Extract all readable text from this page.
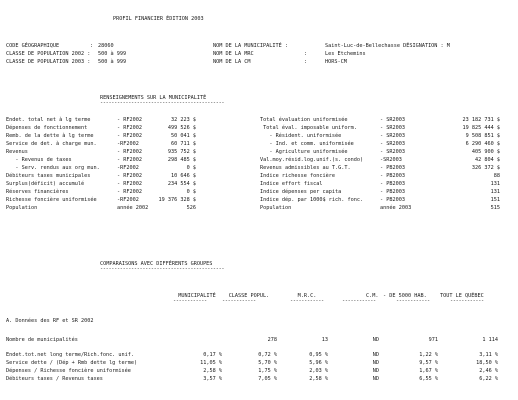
PROFIL FINANCIER ÉDITION 2003
CODE GÉOGRAPHIQUE	: 28060
CLASSE DE POPULATION 2002 : 500 à 999
CLASSE DE POPULATION 2003 : 500 à 999
NOM DE LA MUNICIPALITÉ :	Saint-Luc-de-Bellechasse DÉSIGNATION : M
NOM DE LA MRC	:	Les Etchemins
NOM DE LA CM	:	HORS-CM
RENSEIGNEMENTS SUR LA MUNICIPALITÉ
--------------------------------------------
Endet. total net à lg terme	- RF2002	32 223 $
Dépenses de fonctionnement	- RF2002	499 526 $
Remb. de la dette à lg terme	- RF2002	50 041 $
Service de det. à charge mun.	-RF2002	60 711 $
Revenus	- RF2002	935 752 $
- Revenus de taxes	- RF2002	298 485 $
- Serv. rendus aux org mun.	-RF2002	0 $
Débiteurs taxes municipales	- RF2002	10 646 $
Surplus(déficit) accumulé	- RF2002	234 554 $
Réserves financières	- RF2002	0 $
Richesse foncière uniformisée	-RF2002	19 376 328 $
Population	année 2002	526
Total évaluation uniformisée	- SR2003	23 182 731 $
Total éval. imposable uniform.	- SR2003	19 825 444 $
- Résident. uniformisée	- SR2003	9 508 851 $
- Ind. et comm. uniformisée	- SR2003	6 290 460 $
- Agriculture uniformisée	- SR2003	405 900 $
Val.moy.résid.log.unif.(s. condo)	-SR2003	42 804 $
Revenus admissibles au T.G.T.	- PB2003	326 372 $
Indice richesse foncière	- PB2003	88
Indice effort fiscal	- PB2003	131
Indice dépenses per capita	- PB2003	131
Indice dép. par 1000$ rich. fonc.	- PB2003	151
Population	année 2003	515
COMPARAISONS AVEC DIFFÉRENTS GROUPES
--------------------------------------------
MUNICIPALITÉ	CLASSE POPUL.	M.R.C.	C.M. - DE 5000 HAB.	TOUT LE QUÉBEC
------------	------------	------------	------------	------------	------------
A. Données des RF et SR 2002
Nombre de municipalités	278	13	ND	971	1 114
Endet.tot.net long terme/Rich.fonc. unif.	0,17 %	0,72 %	0,95 %	ND	1,22 %	3,11 %
Service dette / (Dép + Rmb dette lg terme)	11,05 %	5,70 %	5,96 %	ND	9,57 %	18,50 %
Dépenses / Richesse foncière uniformisée	2,58 %	1,75 %	2,03 %	ND	1,67 %	2,46 %
Débiteurs taxes / Revenus taxes	3,57 %	7,05 %	2,58 %	ND	6,55 %	6,22 %
